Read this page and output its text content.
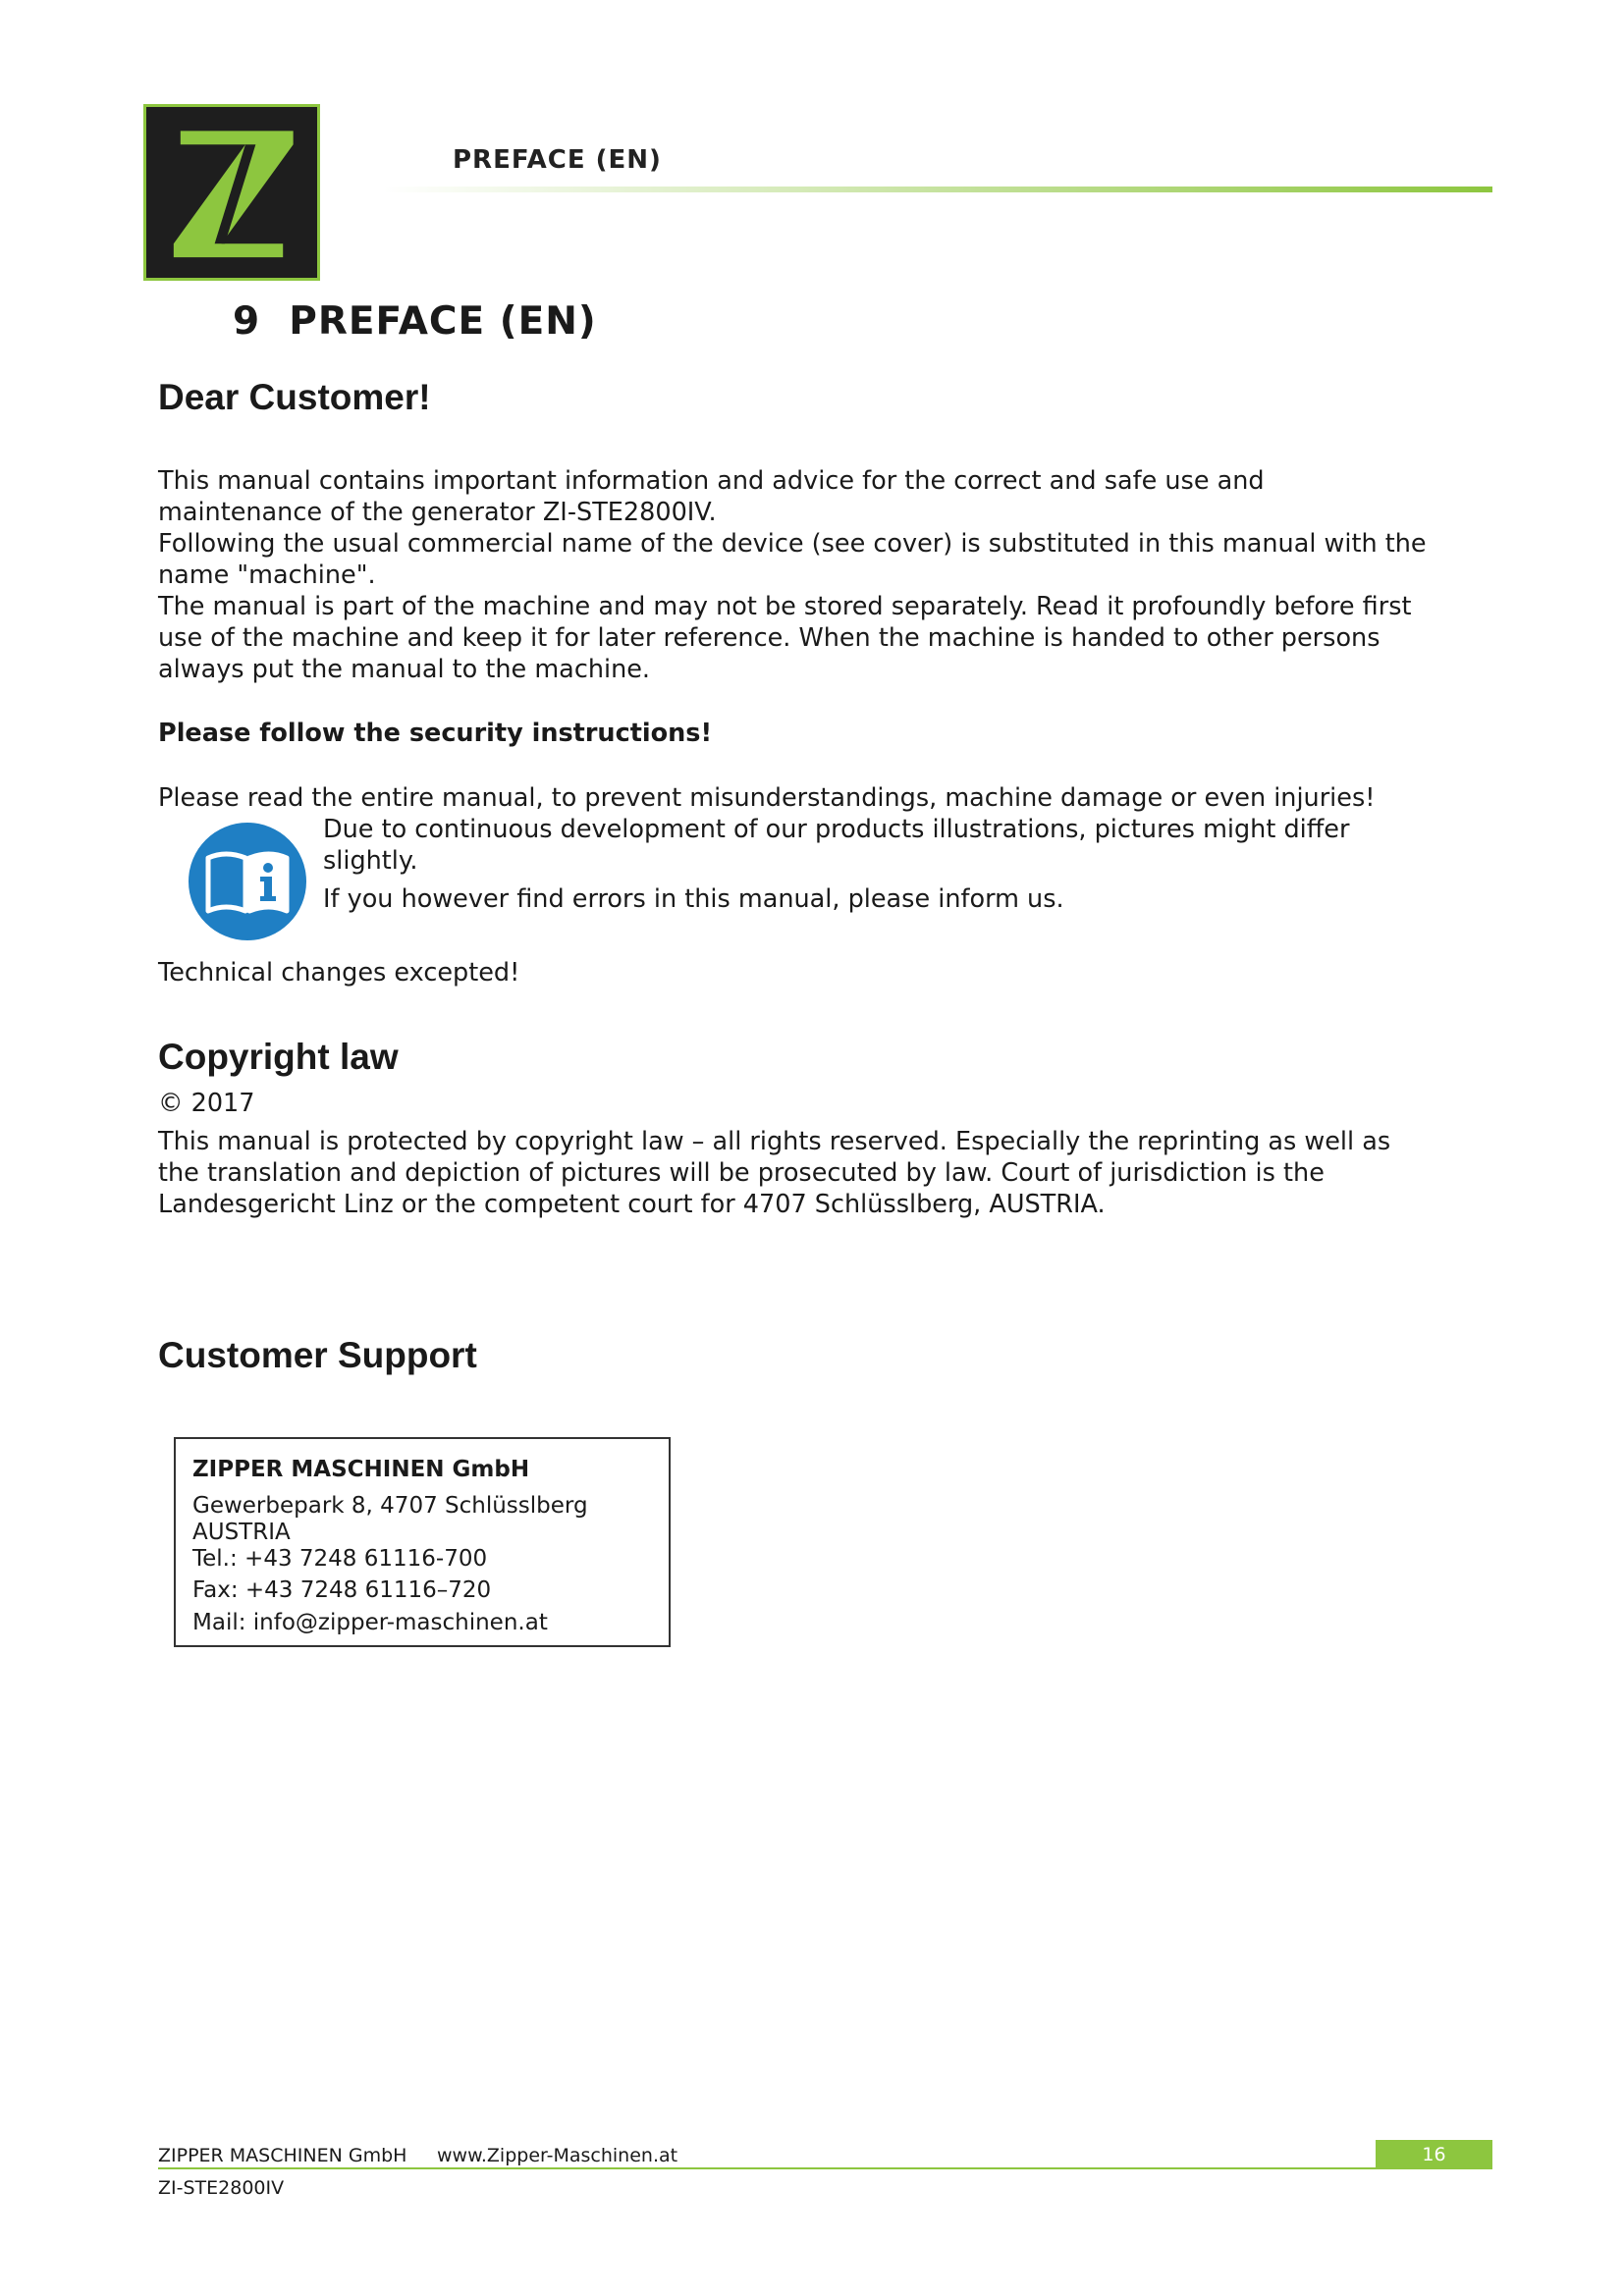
PREFACE (EN)
9 PREFACE (EN)
Dear Customer!

This manual contains important information and advice for the correct and safe use and

maintenance of the generator ZI-STE2800IV.

Following the usual commercial name of the device (see cover) is substituted in this manual with the

name "machine".

The manual is part of the machine and may not be stored separately. Read it profoundly before first

use of the machine and keep it for later reference. When the machine is handed to other persons

always put the manual to the machine.

Please follow the security instructions!
Please read the entire manual, to prevent misunderstandings, machine damage or even injuries!

Due to continuous development of our products illustrations, pictures might differ

slightly.

If you however find errors in this manual, please inform us.

Technical changes excepted!
Copyright law
© 2017

This manual is protected by copyright law – all rights reserved. Especially the reprinting as well as

the translation and depiction of pictures will be prosecuted by law. Court of jurisdiction is the

Landesgericht Linz or the competent court for 4707 Schlüsslberg, AUSTRIA.

Customer Support
ZIPPER MASCHINEN GmbH
Gewerbepark 8, 4707 Schlüsslberg
AUSTRIA
Tel.: +43 7248 61116-700
Fax: +43 7248 61116–720
Mail: info@zipper-maschinen.at
ZIPPER MASCHINEN GmbH www.Zipper-Maschinen.at	16
ZI-STE2800IV
